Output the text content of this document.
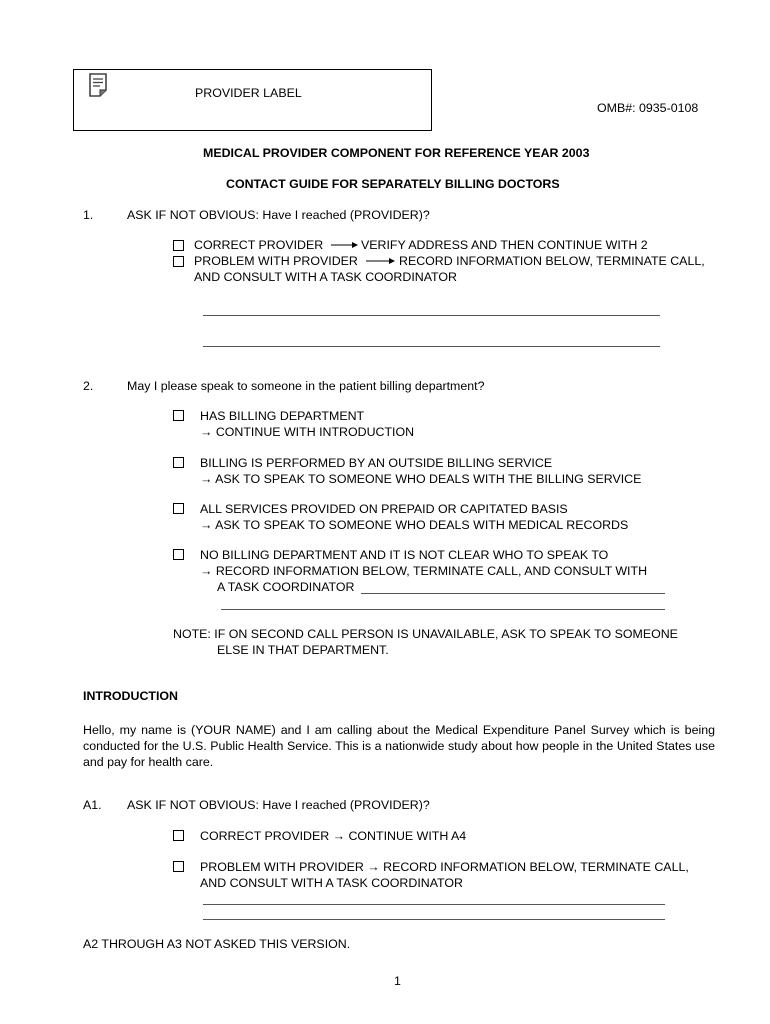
PROVIDER LABEL
OMB#: 0935-0108
MEDICAL PROVIDER COMPONENT FOR REFERENCE YEAR 2003
CONTACT GUIDE FOR SEPARATELY BILLING DOCTORS
1.	ASK IF NOT OBVIOUS: Have I reached (PROVIDER)?
CORRECT PROVIDER	VERIFY ADDRESS AND THEN CONTINUE WITH 2
PROBLEM WITH PROVIDER	RECORD INFORMATION BELOW, TERMINATE CALL,
AND CONSULT WITH A TASK COORDINATOR
2.	May I please speak to someone in the patient billing department?
HAS BILLING DEPARTMENT
→ CONTINUE WITH INTRODUCTION
BILLING IS PERFORMED BY AN OUTSIDE BILLING SERVICE
→ ASK TO SPEAK TO SOMEONE WHO DEALS WITH THE BILLING SERVICE
ALL SERVICES PROVIDED ON PREPAID OR CAPITATED BASIS
→ ASK TO SPEAK TO SOMEONE WHO DEALS WITH MEDICAL RECORDS
NO BILLING DEPARTMENT AND IT IS NOT CLEAR WHO TO SPEAK TO
→ RECORD INFORMATION BELOW, TERMINATE CALL, AND CONSULT WITH
A TASK COORDINATOR
NOTE: IF ON SECOND CALL PERSON IS UNAVAILABLE, ASK TO SPEAK TO SOMEONE
ELSE IN THAT DEPARTMENT.
INTRODUCTION
Hello, my name is (YOUR NAME) and I am calling about the Medical Expenditure Panel Survey which is being conducted for the U.S. Public Health Service. This is a nationwide study about how people in the United States use and pay for health care.
A1. ASK IF NOT OBVIOUS: Have I reached (PROVIDER)?
CORRECT PROVIDER → CONTINUE WITH A4
PROBLEM WITH PROVIDER → RECORD INFORMATION BELOW, TERMINATE CALL,
AND CONSULT WITH A TASK COORDINATOR
A2 THROUGH A3 NOT ASKED THIS VERSION.
1
